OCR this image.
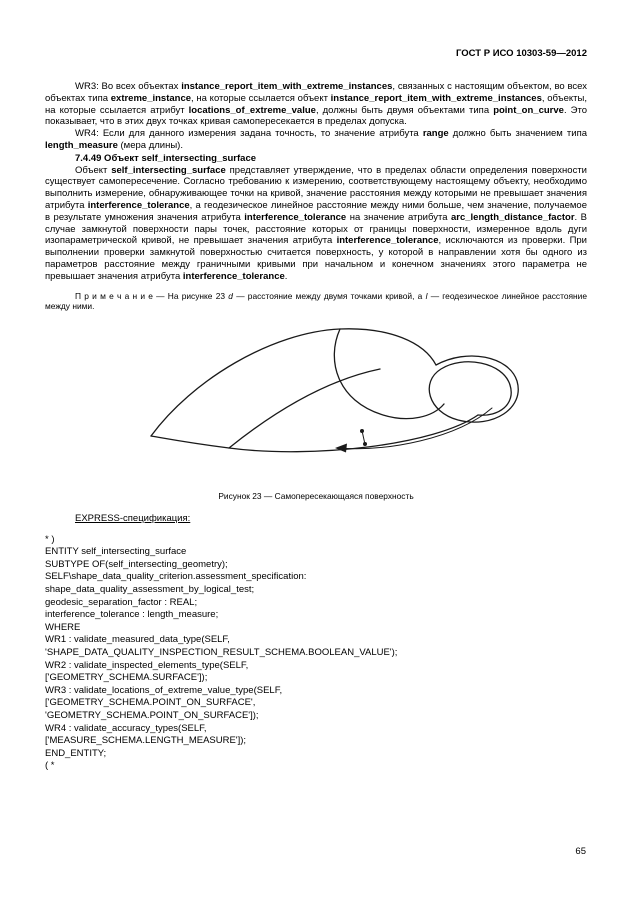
ГОСТ Р ИСО 10303-59—2012

WR3: Во всех объектах instance_report_item_with_extreme_instances, связанных с настоящим объектом, во всех объектах типа extreme_instance, на которые ссылается объект instance_report_item_with_extreme_instances, объекты, на которые ссылается атрибут locations_of_extreme_value, должны быть двумя объектами типа point_on_curve. Это показывает, что в этих двух точках кривая самопересекается в пределах допуска.

WR4: Если для данного измерения задана точность, то значение атрибута range должно быть значением типа length_measure (мера длины).

7.4.49 Объект self_intersecting_surface

Объект self_intersecting_surface представляет утверждение, что в пределах области определения поверхности существует самопересечение. Согласно требованию к измерению, соответствующему настоящему объекту, необходимо выполнить измерение, обнаруживающее точки на кривой, значение расстояния между которыми не превышает значения атрибута interference_tolerance, а геодезическое линейное расстояние между ними больше, чем значение, получаемое в результате умножения значения атрибута interference_tolerance на значение атрибута arc_length_distance_factor. В случае замкнутой поверхности пары точек, расстояние которых от границы поверхности, измеренное вдоль дуги изопараметрической кривой, не превышает значения атрибута interference_tolerance, исключаются из проверки. При выполнении проверки замкнутой поверхностью считается поверхность, у которой в направлении хотя бы одного из параметров расстояние между граничными кривыми при начальном и конечном значениях этого параметра не превышает значения атрибута interference_tolerance.

П р и м е ч а н и е — На рисунке 23 d — расстояние между двумя точками кривой, а l — геодезическое линейное расстояние между ними.

Рисунок 23 — Самопересекающаяся поверхность

EXPRESS-спецификация:

* )
ENTITY self_intersecting_surface
SUBTYPE OF(self_intersecting_geometry);
SELF\shape_data_quality_criterion.assessment_specification:
shape_data_quality_assessment_by_logical_test;
geodesic_separation_factor : REAL;
interference_tolerance : length_measure;
WHERE
WR1 : validate_measured_data_type(SELF,
'SHAPE_DATA_QUALITY_INSPECTION_RESULT_SCHEMA.BOOLEAN_VALUE');
WR2 : validate_inspected_elements_type(SELF,
['GEOMETRY_SCHEMA.SURFACE']);
WR3 : validate_locations_of_extreme_value_type(SELF,
['GEOMETRY_SCHEMA.POINT_ON_SURFACE',
'GEOMETRY_SCHEMA.POINT_ON_SURFACE']);
WR4 : validate_accuracy_types(SELF,
['MEASURE_SCHEMA.LENGTH_MEASURE']);
END_ENTITY;
( *
65
